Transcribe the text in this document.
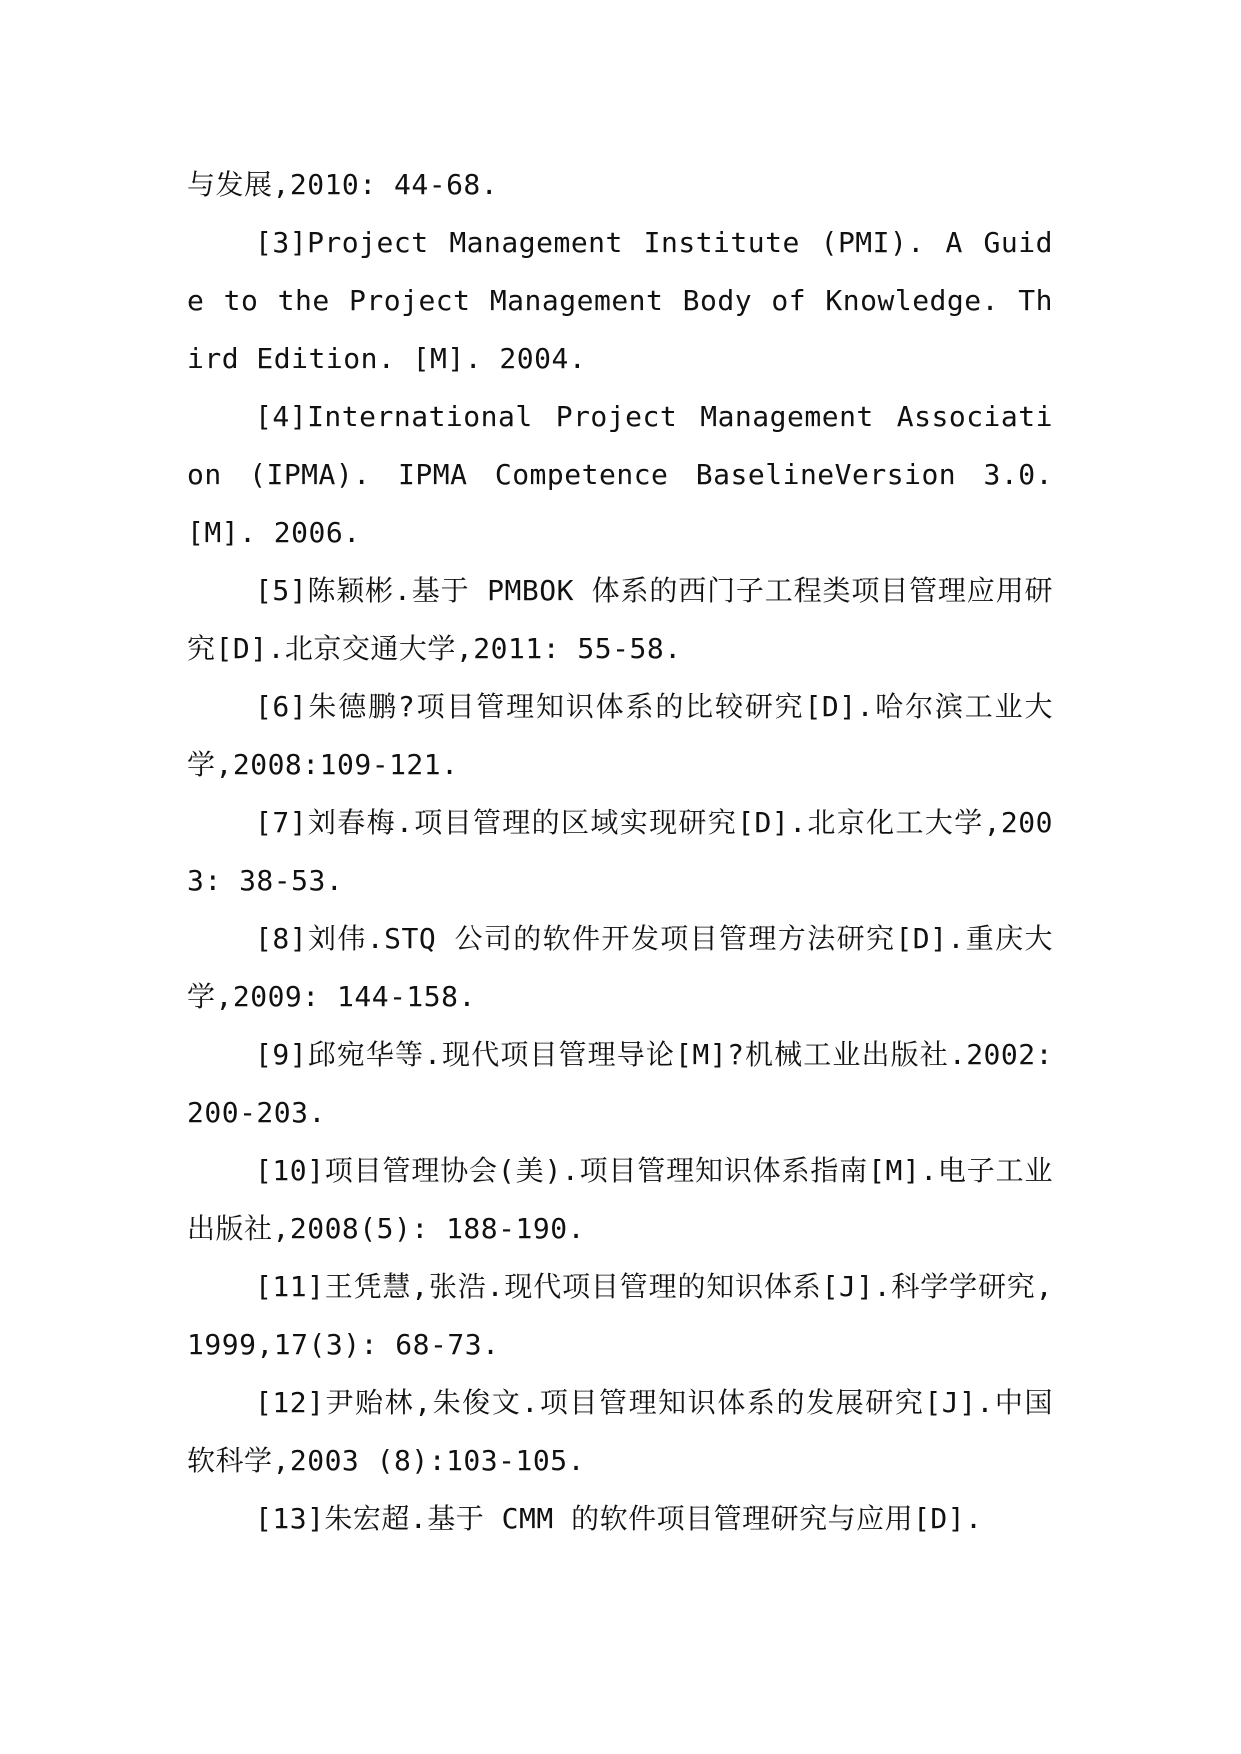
与发展,2010: 44-68.

[3]Project Management Institute (PMI). A Guide to the Project Management Body of Knowledge. Third Edition. [M]. 2004.

[4]International Project Management Association (IPMA). IPMA Competence BaselineVersion 3.0.[M]. 2006.

[5]陈颖彬.基于 PMBOK 体系的西门子工程类项目管理应用研究[D].北京交通大学,2011: 55-58.

[6]朱德鹏?项目管理知识体系的比较研究[D].哈尔滨工业大学,2008:109-121.

[7]刘春梅.项目管理的区域实现研究[D].北京化工大学,2003: 38-53.

[8]刘伟.STQ 公司的软件开发项目管理方法研究[D].重庆大学,2009: 144-158.

[9]邱宛华等.现代项目管理导论[M]?机械工业出版社.2002:200-203.

[10]项目管理协会(美).项目管理知识体系指南[M].电子工业出版社,2008(5): 188-190.

[11]王凭慧,张浩.现代项目管理的知识体系[J].科学学研究,1999,17(3): 68-73.

[12]尹贻林,朱俊文.项目管理知识体系的发展研究[J].中国软科学,2003 (8):103-105.

[13]朱宏超.基于 CMM 的软件项目管理研究与应用[D].
